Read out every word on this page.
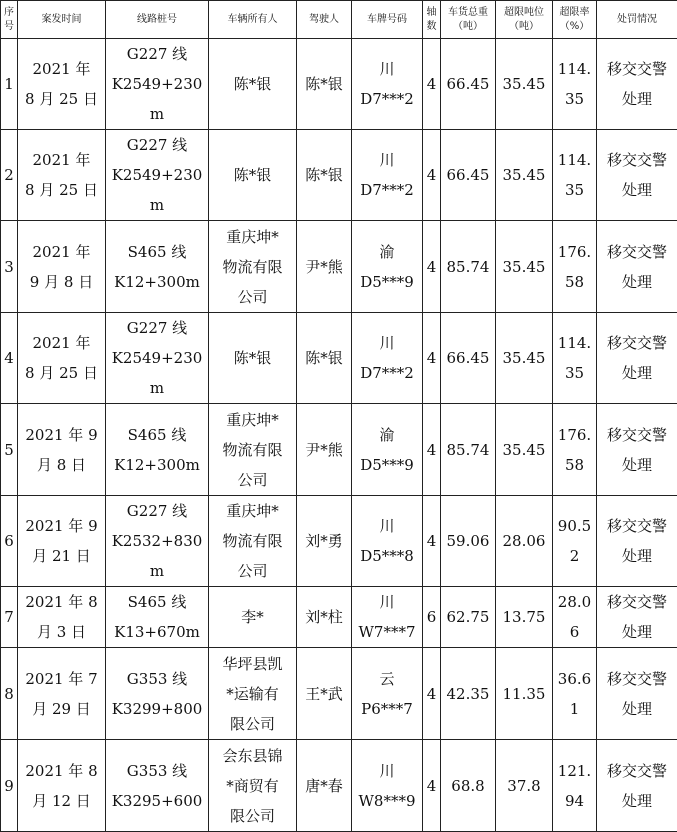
序号	案发时间	线路桩号	车辆所有人	驾驶人	车牌号码	轴数	车货总重（吨）	超限吨位（吨）	超限率（%）	处罚情况
1	2021 年
8 月 25 日	G227 线
K2549+230m	陈*银	陈*银	川
D7***2	4	66.45	35.45	114.
35	移交交警
处理
2	2021 年
8 月 25 日	G227 线
K2549+230m	陈*银	陈*银	川
D7***2	4	66.45	35.45	114.
35	移交交警
处理
3	2021 年
9 月 8 日	S465 线
K12+300m	重庆坤*
物流有限
公司	尹*熊	渝
D5***9	4	85.74	35.45	176.
58	移交交警
处理
4	2021 年
8 月 25 日	G227 线
K2549+230m	陈*银	陈*银	川
D7***2	4	66.45	35.45	114.
35	移交交警
处理
5	2021 年 9
月 8 日	S465 线
K12+300m	重庆坤*
物流有限
公司	尹*熊	渝
D5***9	4	85.74	35.45	176.
58	移交交警
处理
6	2021 年 9
月 21 日	G227 线
K2532+830m	重庆坤*
物流有限
公司	刘*勇	川
D5***8	4	59.06	28.06	90.5
2	移交交警
处理
7	2021 年 8
月 3 日	S465 线
K13+670m	李*	刘*柱	川
W7***7	6	62.75	13.75	28.0
6	移交交警
处理
8	2021 年 7
月 29 日	G353 线
K3299+800	华坪县凯
*运输有
限公司	王*武	云
P6***7	4	42.35	11.35	36.6
1	移交交警
处理
9	2021 年 8
月 12 日	G353 线
K3295+600	会东县锦
*商贸有
限公司	唐*春	川
W8***9	4	68.8	37.8	121.
94	移交交警
处理
